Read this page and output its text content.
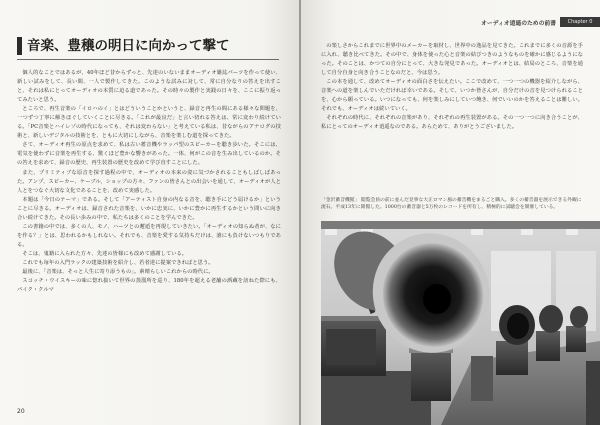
音楽、豊穣の明日に向かって撃て

個人的なことではあるが、40年ほど昔からずっと、先達のいないままオーディオ雑誌パーツを作って使い、新しい試みをして、長い間、一人で製作してきた。このような試みに対して、常に自分なりの答えを出すこと、それは私にとってオーディオの本質に迫る道であった。その時々の製作と実践の日々を、ここに振り返ってみたいと思う。

ところで、再生音楽の「イロハのイ」とはどういうことかというと、録音と再生の間にある様々な問題を、一つずつ丁寧に解きほぐしていくことに尽きる。「これが最良だ」と言い切れる答えは、常に変わり続けている。「PC音楽とハイレゾの時代になっても、それは変わらない」と考えている私は、昔ながらのアナログの技術と、新しいデジタルの技術とを、ともに大切にしながら、音楽を楽しむ道を探ってきた。

さて、オーディオ再生の原点を求めて、私は古い蓄音機やラッパ型のスピーカーを聴き歩いた。そこには、電気を使わずに音楽を再生する、驚くほど豊かな響きがあった。一体、何がこの音を生み出しているのか。その答えを求めて、録音の歴史、再生装置の歴史を改めて学び直すことにした。

また、プリミティブな原音を探す過程の中で、オーディオの本来の姿に気づかされることもしばしばあった。アンプ、スピーカー、ケーブル、ショップの方々、ファンの皆さんとの出会いを通して、オーディオが人と人とをつなぐ大切な文化であることを、改めて実感した。

本題は「今日のテーマ」である。そして「アーティスト自身の内なる音を、聴き手にどう届けるか」ということに尽きる。オーディオは、録音された音楽を、いかに忠実に、いかに豊かに再生するかという問いに向き合い続けてきた。その長い歩みの中で、私たちは多くのことを学んできた。

この書籍の中では、多くの人、モノ、ハーツとの邂逅を再現していきたい。「オーディオの知らぬ者が、なにを作る？」とは、思われるかもしれない。それでも、音楽を愛する気持ちだけは、誰にも負けないつもりである。

そこは、鬼籍に入られた方々、先達の皆様にも改めて感謝している。

これでも毎年の入門ラックの建築技術を紹介し、若者達に提案できればと思う。

最後に、「音楽は、そっと人生に寄り添うもの」。素晴らしいこれからの時代に。

スコッチ・ウイスキーの味に惚れ抜いて世界の蒸溜所を巡り、180年を超える老舗の酒蔵を訪ねた際にも、パイク・クルマ

20
オーディオ逍遥のための前書	Chapter 0

の楽しさからこれまでに世界中のメーカーを取材し、世界中の逸品を見てきた。これまでに多くの音源を手に入れ、聴き比べてきた。その中で、身体を使った心と音楽の結びつきのようなものを確かに感じるようになった。そのことは、かつての自分にとって、大きな発見であった。オーディオとは、結局のところ、音楽を通して自分自身と向き合うことなのだと、今は思う。

この本を通して、改めてオーディオの面白さを伝えたい。ここで改めて、一つ一つの機器を紹介しながら、音楽への道を楽しんでいただければ幸いである。そして、いつか皆さんが、自分だけの音を見つけられることを、心から願っている。いつになっても、何を楽しみにしていつ飽き、何でいいのかを答えることは難しい。それでも、オーディオは続いていく。

それぞれの時代に、それぞれの音楽があり、それぞれの再生装置がある。その一つ一つに向き合うことが、私にとってのオーディオ逍遥なのである。あらためて、ありがとうございました。

「金沢蓄音機館」 閲覧会員の前に並んだ見事な大正ロマン風の蓄音機をまるごと購入。多くの蓄音器を展示できる外観に流石。平成13年に開館した。1000台の蓄音器と5万枚のレコードを所有し、積極的に試聴会を開催している。
